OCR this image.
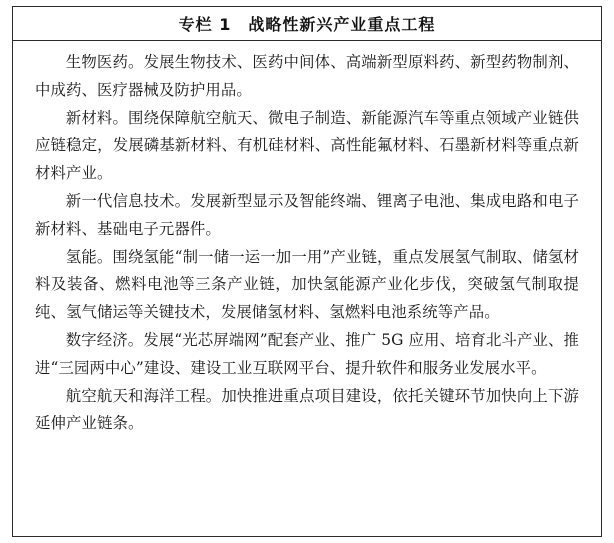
专栏 1　战略性新兴产业重点工程

生物医药。发展生物技术、医药中间体、高端新型原料药、新型药物制剂、中成药、医疗器械及防护用品。

新材料。围绕保障航空航天、微电子制造、新能源汽车等重点领域产业链供应链稳定，发展磷基新材料、有机硅材料、高性能氟材料、石墨新材料等重点新材料产业。

新一代信息技术。发展新型显示及智能终端、锂离子电池、集成电路和电子新材料、基础电子元器件。

氢能。围绕氢能“制一储一运一加一用”产业链，重点发展氢气制取、储氢材料及装备、燃料电池等三条产业链，加快氢能源产业化步伐，突破氢气制取提纯、氢气储运等关键技术，发展储氢材料、氢燃料电池系统等产品。

数字经济。发展“光芯屏端网”配套产业、推广 5G 应用、培育北斗产业、推进“三园两中心”建设、建设工业互联网平台、提升软件和服务业发展水平。

航空航天和海洋工程。加快推进重点项目建设，依托关键环节加快向上下游延伸产业链条。
